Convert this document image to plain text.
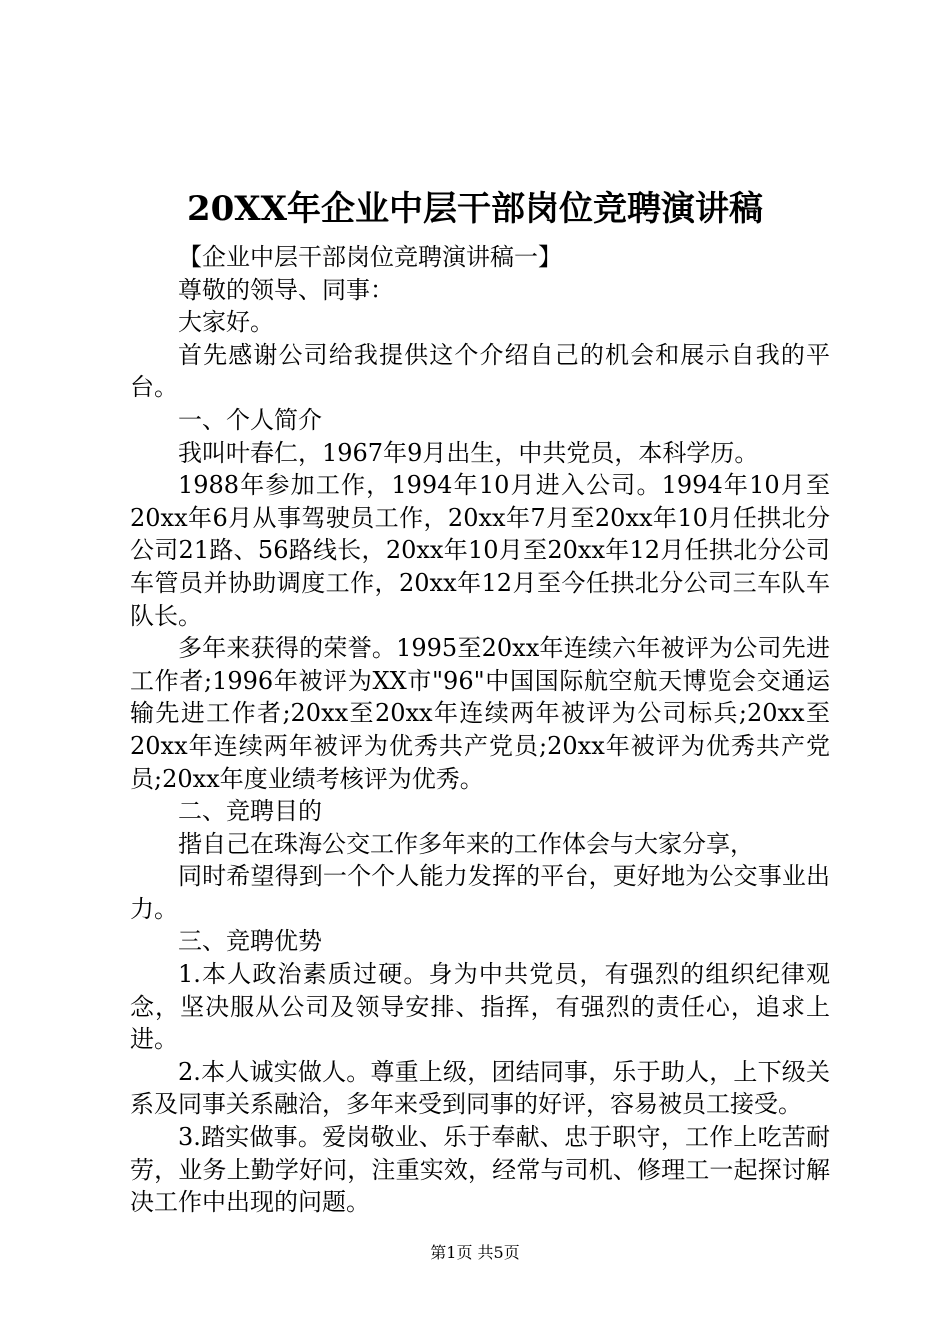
20XX年企业中层干部岗位竞聘演讲稿

【企业中层干部岗位竞聘演讲稿一】

尊敬的领导、同事：

大家好。

首先感谢公司给我提供这个介绍自己的机会和展示自我的平台。

一、个人简介

我叫叶春仁，1967年9月出生，中共党员，本科学历。

1988年参加工作，1994年10月进入公司。1994年10月至20xx年6月从事驾驶员工作，20xx年7月至20xx年10月任拱北分公司21路、56路线长，20xx年10月至20xx年12月任拱北分公司车管员并协助调度工作，20xx年12月至今任拱北分公司三车队车队长。

多年来获得的荣誉。1995至20xx年连续六年被评为公司先进工作者;1996年被评为XX市"96"中国国际航空航天博览会交通运输先进工作者;20xx至20xx年连续两年被评为公司标兵;20xx至20xx年连续两年被评为优秀共产党员;20xx年被评为优秀共产党员;20xx年度业绩考核评为优秀。

二、竞聘目的

揩自己在珠海公交工作多年来的工作体会与大家分享，

同时希望得到一个个人能力发挥的平台，更好地为公交事业出力。

三、竞聘优势

1.本人政治素质过硬。身为中共党员，有强烈的组织纪律观念，坚决服从公司及领导安排、指挥，有强烈的责任心，追求上进。

2.本人诚实做人。尊重上级，团结同事，乐于助人，上下级关系及同事关系融洽，多年来受到同事的好评，容易被员工接受。

3.踏实做事。爱岗敬业、乐于奉献、忠于职守，工作上吃苦耐劳，业务上勤学好问，注重实效，经常与司机、修理工一起探讨解决工作中出现的问题。

第1页 共5页
